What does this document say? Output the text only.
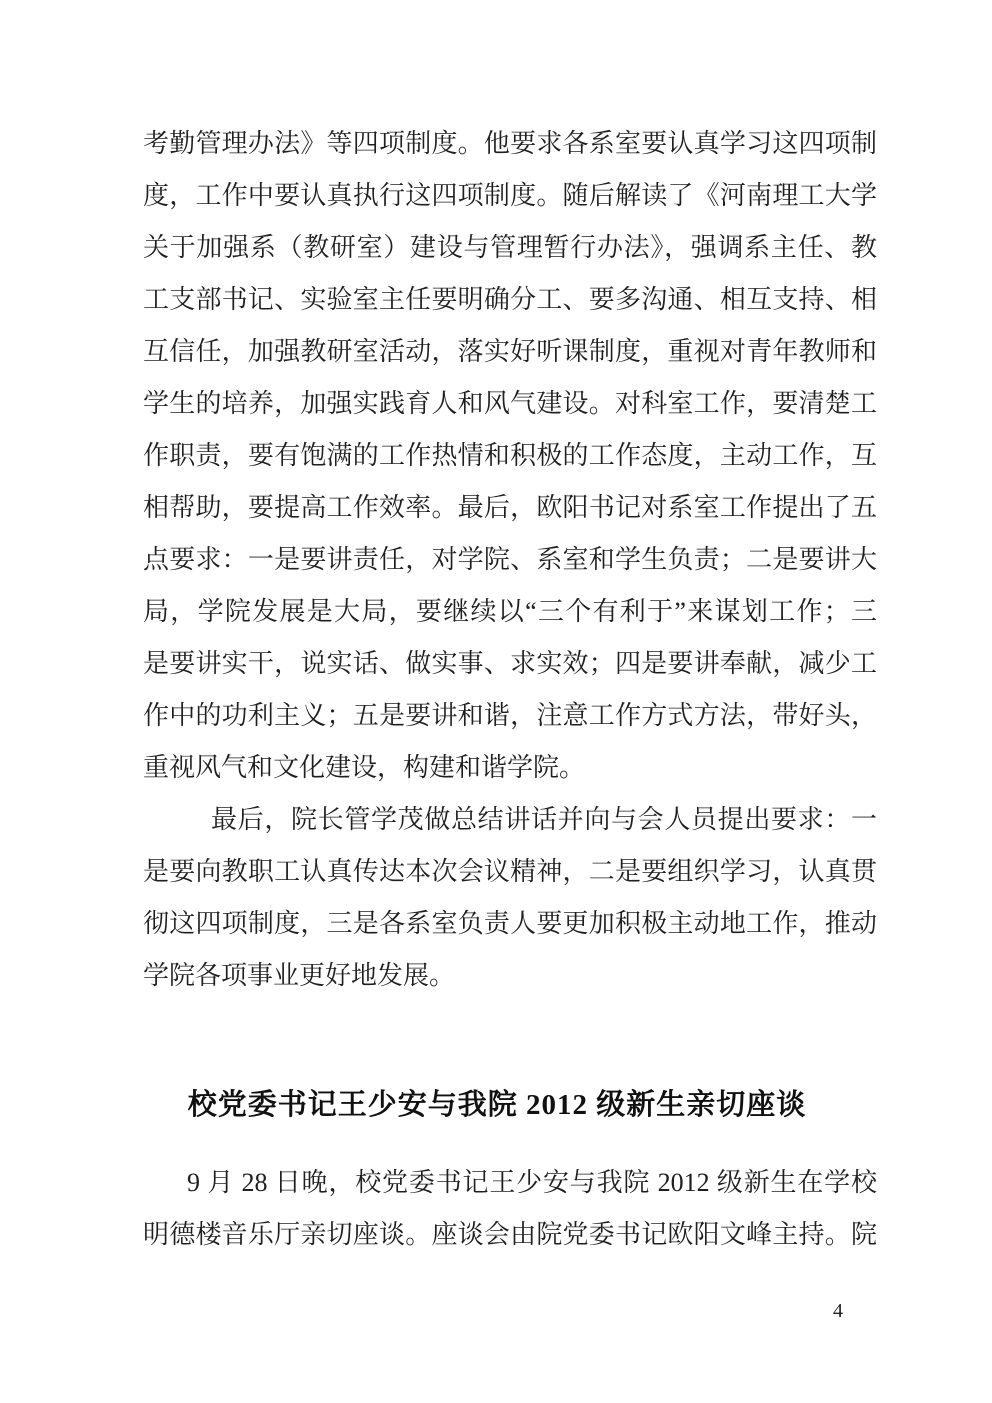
考勤管理办法》等四项制度。他要求各系室要认真学习这四项制

度，工作中要认真执行这四项制度。随后解读了《河南理工大学

关于加强系（教研室）建设与管理暂行办法》，强调系主任、教

工支部书记、实验室主任要明确分工、要多沟通、相互支持、相

互信任，加强教研室活动，落实好听课制度，重视对青年教师和

学生的培养，加强实践育人和风气建设。对科室工作，要清楚工

作职责，要有饱满的工作热情和积极的工作态度，主动工作，互

相帮助，要提高工作效率。最后，欧阳书记对系室工作提出了五

点要求：一是要讲责任，对学院、系室和学生负责；二是要讲大

局，学院发展是大局，要继续以“三个有利于”来谋划工作；三

是要讲实干，说实话、做实事、求实效；四是要讲奉献，减少工

作中的功利主义；五是要讲和谐，注意工作方式方法，带好头，

重视风气和文化建设，构建和谐学院。

最后，院长管学茂做总结讲话并向与会人员提出要求：一

是要向教职工认真传达本次会议精神，二是要组织学习，认真贯

彻这四项制度，三是各系室负责人要更加积极主动地工作，推动

学院各项事业更好地发展。

校党委书记王少安与我院 2012 级新生亲切座谈

9 月 28 日晚，校党委书记王少安与我院 2012 级新生在学校

明德楼音乐厅亲切座谈。座谈会由院党委书记欧阳文峰主持。院

4
